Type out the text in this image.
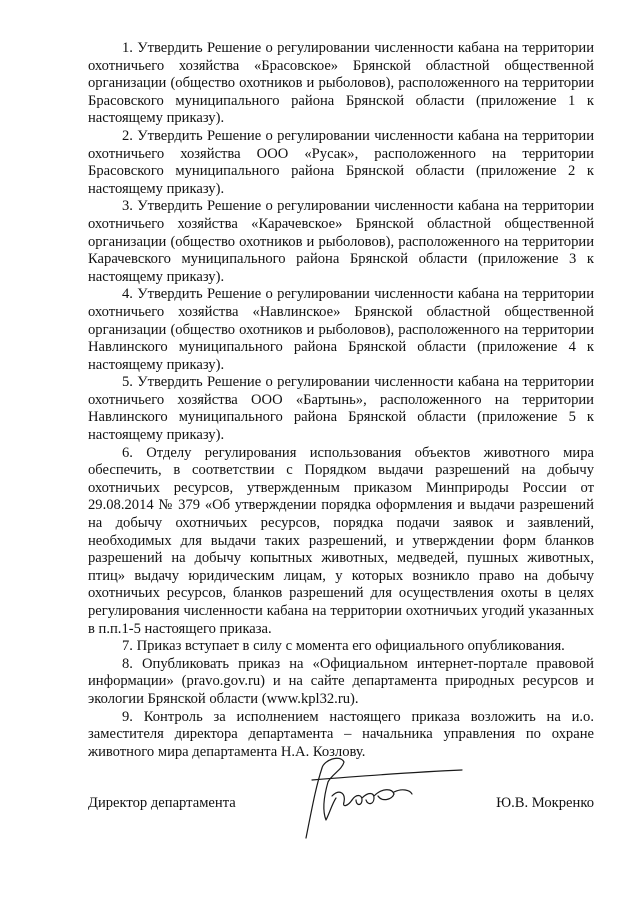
1. Утвердить Решение о регулировании численности кабана на территории охотничьего хозяйства «Брасовское» Брянской областной общественной организации (общество охотников и рыболовов), расположенного на территории Брасовского муниципального района Брянской области (приложение 1 к настоящему приказу).

2. Утвердить Решение о регулировании численности кабана на территории охотничьего хозяйства ООО «Русак», расположенного на территории Брасовского муниципального района Брянской области (приложение 2 к настоящему приказу).

3. Утвердить Решение о регулировании численности кабана на территории охотничьего хозяйства «Карачевское» Брянской областной общественной организации (общество охотников и рыболовов), расположенного на территории Карачевского муниципального района Брянской области (приложение 3 к настоящему приказу).

4. Утвердить Решение о регулировании численности кабана на территории охотничьего хозяйства «Навлинское» Брянской областной общественной организации (общество охотников и рыболовов), расположенного на территории Навлинского муниципального района Брянской области (приложение 4 к настоящему приказу).

5. Утвердить Решение о регулировании численности кабана на территории охотничьего хозяйства ООО «Бартынь», расположенного на территории Навлинского муниципального района Брянской области (приложение 5 к настоящему приказу).

6. Отделу регулирования использования объектов животного мира обеспечить, в соответствии с Порядком выдачи разрешений на добычу охотничьих ресурсов, утвержденным приказом Минприроды России от 29.08.2014 № 379 «Об утверждении порядка оформления и выдачи разрешений на добычу охотничьих ресурсов, порядка подачи заявок и заявлений, необходимых для выдачи таких разрешений, и утверждении форм бланков разрешений на добычу копытных животных, медведей, пушных животных, птиц» выдачу юридическим лицам, у которых возникло право на добычу охотничьих ресурсов, бланков разрешений для осуществления охоты в целях регулирования численности кабана на территории охотничьих угодий указанных в п.п.1-5 настоящего приказа.

7. Приказ вступает в силу с момента его официального опубликования.

8. Опубликовать приказ на «Официальном интернет-портале правовой информации» (pravo.gov.ru) и на сайте департамента природных ресурсов и экологии Брянской области (www.kpl32.ru).

9. Контроль за исполнением настоящего приказа возложить на и.о. заместителя директора департамента – начальника управления по охране животного мира департамента Н.А. Козлову.

Директор департамента	Ю.В. Мокренко
